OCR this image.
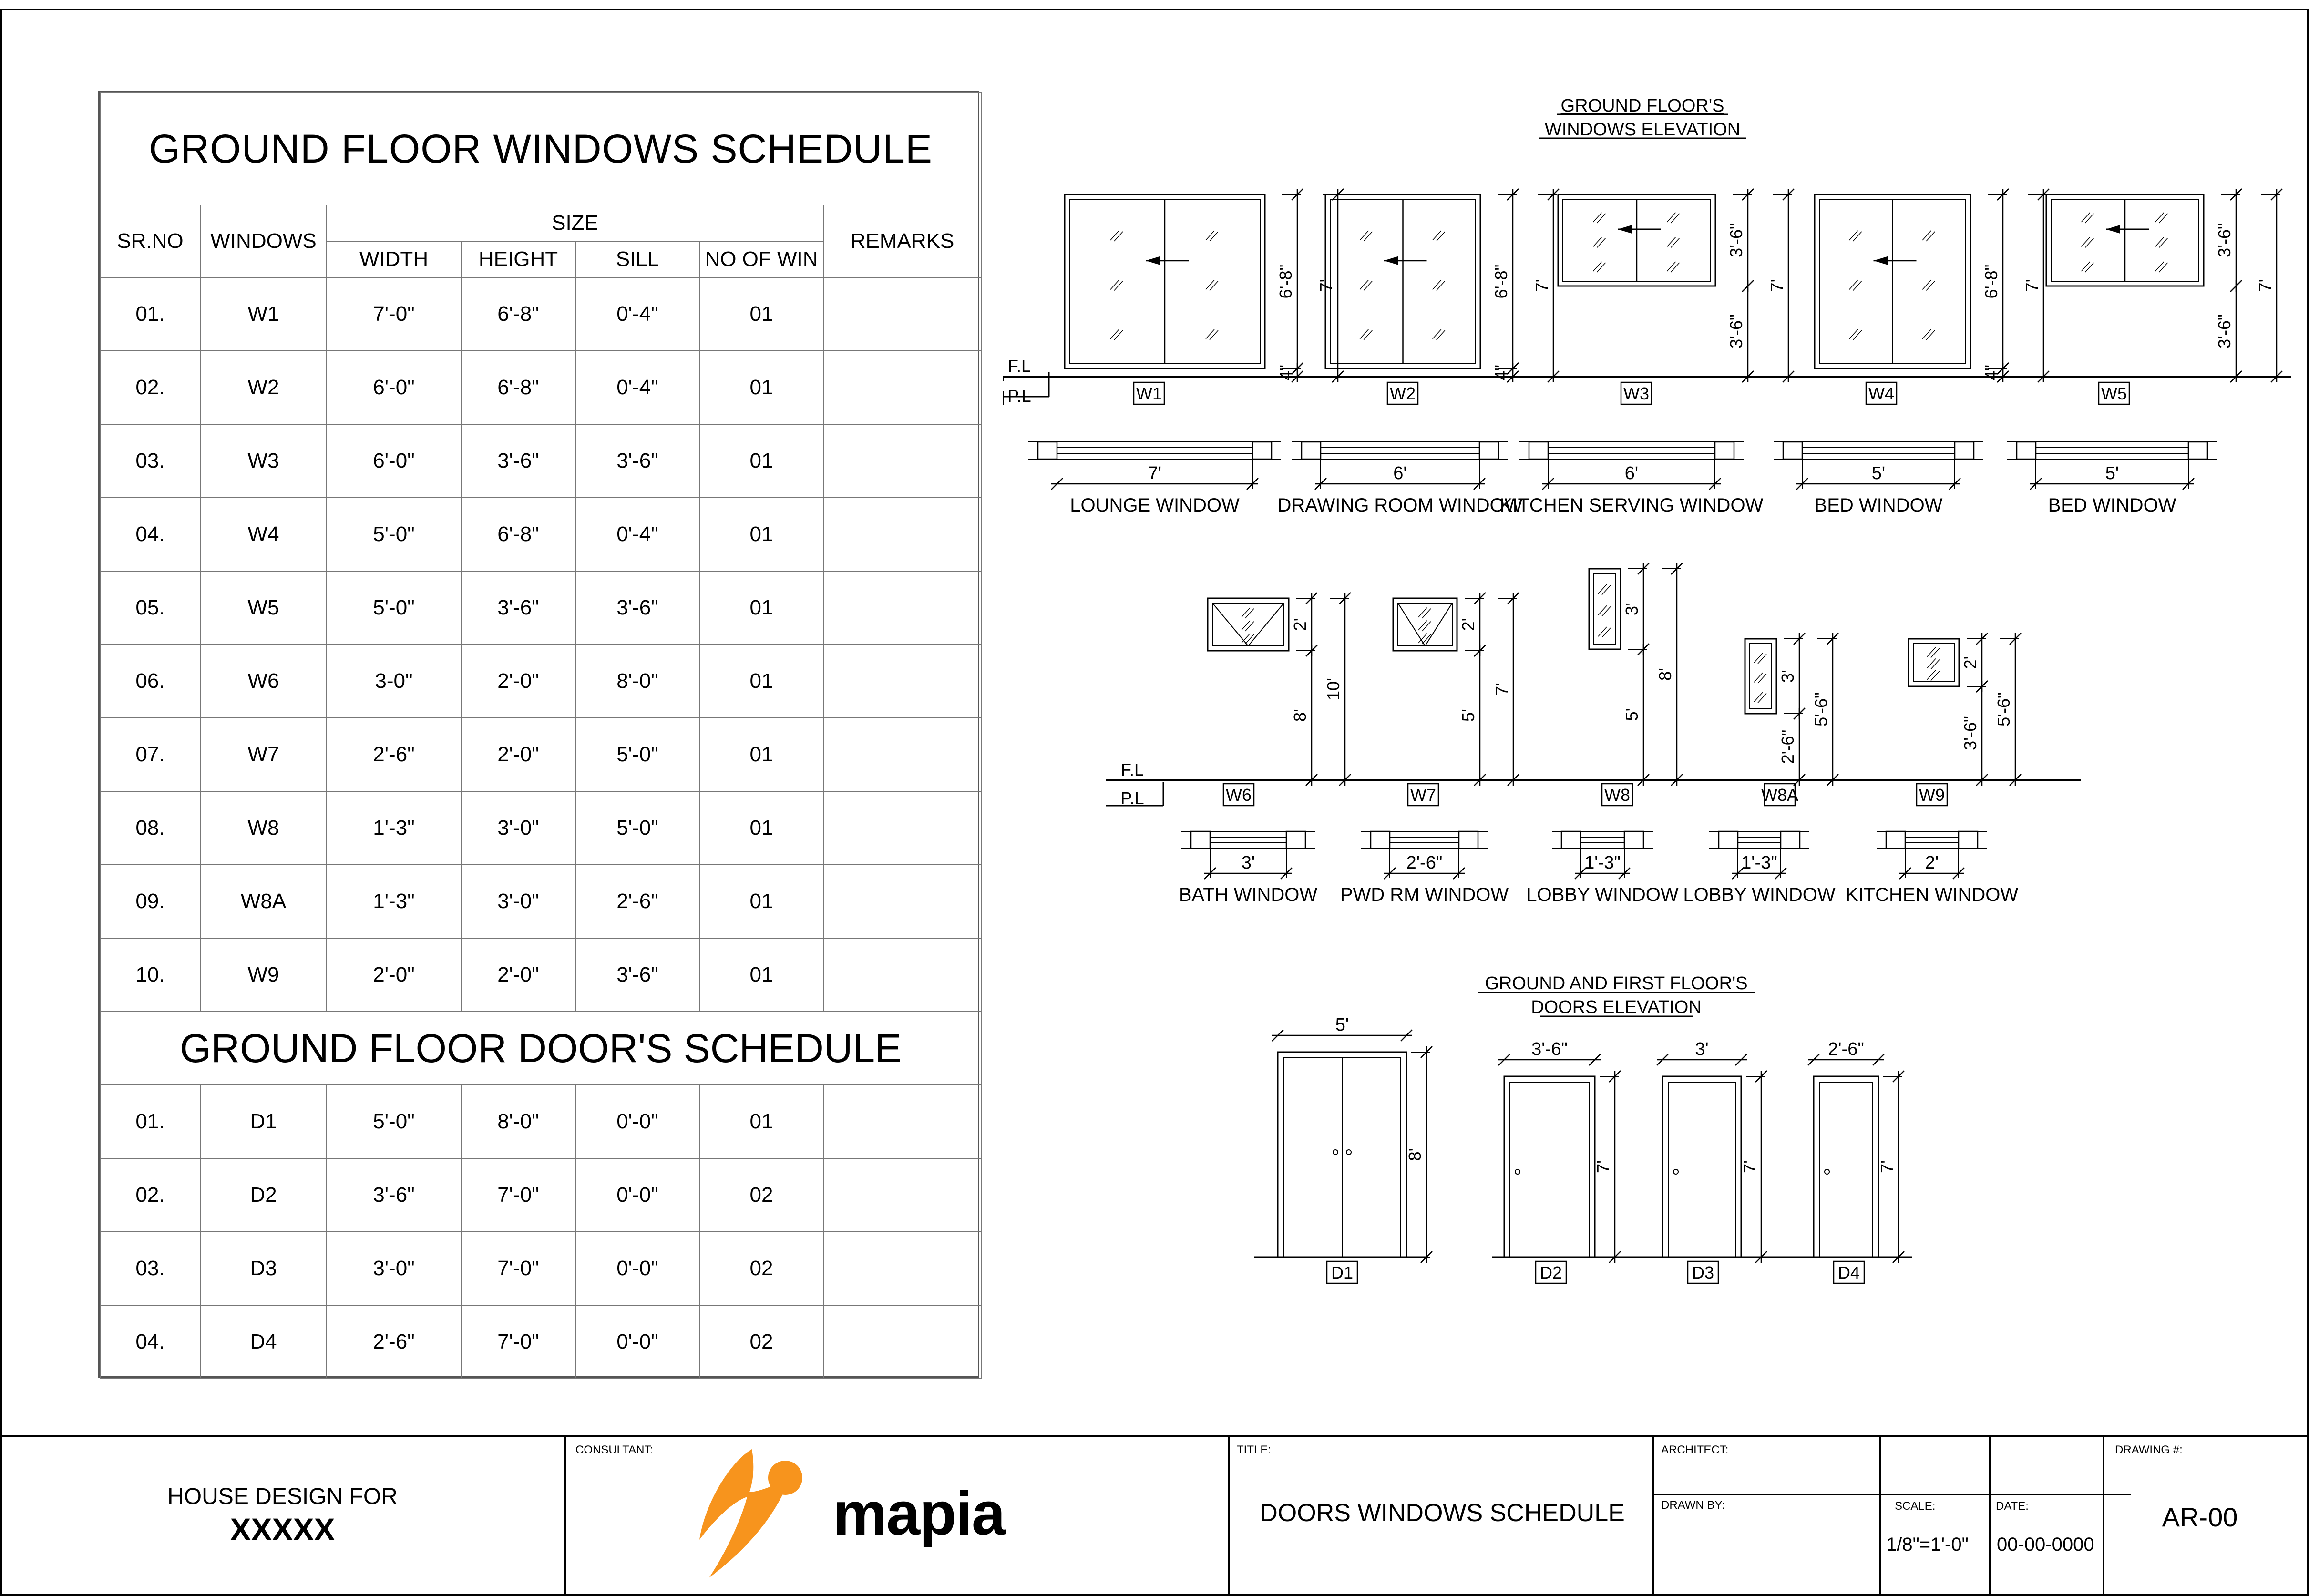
GROUND FLOOR WINDOWS SCHEDULE						
SR.NO	WINDOWS	SIZE				REMARKS
		WIDTH	HEIGHT	SILL	NO OF WIN	
01.	W1	7'-0"	6'-8"	0'-4"	01	
02.	W2	6'-0"	6'-8"	0'-4"	01	
03.	W3	6'-0"	3'-6"	3'-6"	01	
04.	W4	5'-0"	6'-8"	0'-4"	01	
05.	W5	5'-0"	3'-6"	3'-6"	01	
06.	W6	3-0"	2'-0"	8'-0"	01	
07.	W7	2'-6"	2'-0"	5'-0"	01	
08.	W8	1'-3"	3'-0"	5'-0"	01	
09.	W8A	1'-3"	3'-0"	2'-6"	01	
10.	W9	2'-0"	2'-0"	3'-6"	01	
GROUND FLOOR DOOR'S SCHEDULE						
01.	D1	5'-0"	8'-0"	0'-0"	01	
02.	D2	3'-6"	7'-0"	0'-0"	02	
03.	D3	3'-0"	7'-0"	0'-0"	02	
04.	D4	2'-6"	7'-0"	0'-0"	02	
GROUND FLOOR'S
WINDOWS ELEVATION
GROUND AND FIRST FLOOR'S
DOORS ELEVATION
F.L
P.L
6'-8"
4"
7'
W1
6'-8"
4"
7'
W2
3'-6"
3'-6"
7'
W3
6'-8"
4"
7'
W4
3'-6"
3'-6"
7'
W5
7'
LOUNGE WINDOW
6'
DRAWING ROOM WINDOW
6'
KITCHEN SERVING WINDOW
5'
BED WINDOW
5'
BED WINDOW
F.L
P.L
2'
8'
10'
W6
2'
5'
7'
W7
3'
5'
8'
W8
3'
2'-6"
5'-6"
W8A
2'
3'-6"
5'-6"
W9
3'
BATH WINDOW
2'-6"
PWD RM WINDOW
1'-3"
LOBBY WINDOW
1'-3"
LOBBY WINDOW
2'
KITCHEN WINDOW
5'
8'
D1
3'-6"
7'
D2
3'
7'
D3
2'-6"
7'
D4
HOUSE DESIGN FOR
XXXXX
CONSULTANT:
mapia
TITLE:
DOORS WINDOWS SCHEDULE
ARCHITECT:
DRAWN BY:	SCALE:
1/8"=1'-0"
DATE:
00-00-0000
DRAWING #:
AR-00
